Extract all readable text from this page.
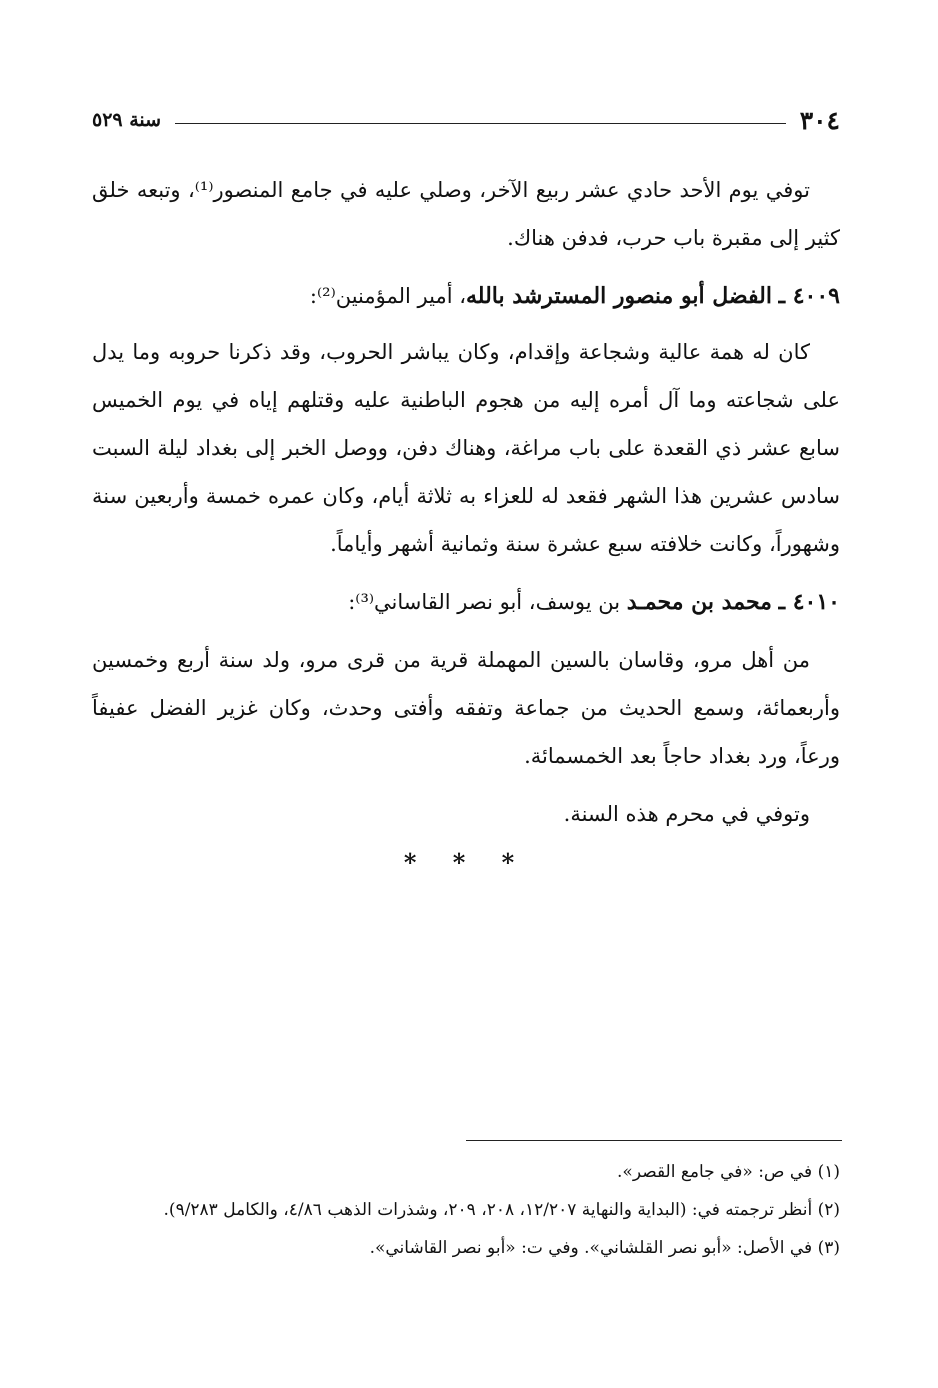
٣٠٤
سنة ٥٢٩

توفي يوم الأحد حادي عشر ربيع الآخر، وصلي عليه في جامع المنصور⁽¹⁾، وتبعه خلق كثير إلى مقبرة باب حرب، فدفن هناك.

٤٠٠٩ ـ الفضل أبو منصور المسترشد بالله، أمير المؤمنين⁽²⁾:

كان له همة عالية وشجاعة وإقدام، وكان يباشر الحروب، وقد ذكرنا حروبه وما يدل على شجاعته وما آل أمره إليه من هجوم الباطنية عليه وقتلهم إياه في يوم الخميس سابع عشر ذي القعدة على باب مراغة، وهناك دفن، ووصل الخبر إلى بغداد ليلة السبت سادس عشرين هذا الشهر فقعد له للعزاء به ثلاثة أيام، وكان عمره خمسة وأربعين سنة وشهوراً، وكانت خلافته سبع عشرة سنة وثمانية أشهر وأياماً.

٤٠١٠ ـ محمد بن محمـد بن يوسف، أبو نصر القاساني⁽³⁾:

من أهل مرو، وقاسان بالسين المهملة قرية من قرى مرو، ولد سنة أربع وخمسين وأربعمائة، وسمع الحديث من جماعة وتفقه وأفتى وحدث، وكان غزير الفضل عفيفاً ورعاً، ورد بغداد حاجاً بعد الخمسمائة.

وتوفي في محرم هذه السنة.

* * *

(١) في ص: «في جامع القصر».

(٢) أنظر ترجمته في: (البداية والنهاية ١٢/٢٠٧، ٢٠٨، ٢٠٩، وشذرات الذهب ٤/٨٦، والكامل ٩/٢٨٣).

(٣) في الأصل: «أبو نصر القلشاني». وفي ت: «أبو نصر القاشاني».
